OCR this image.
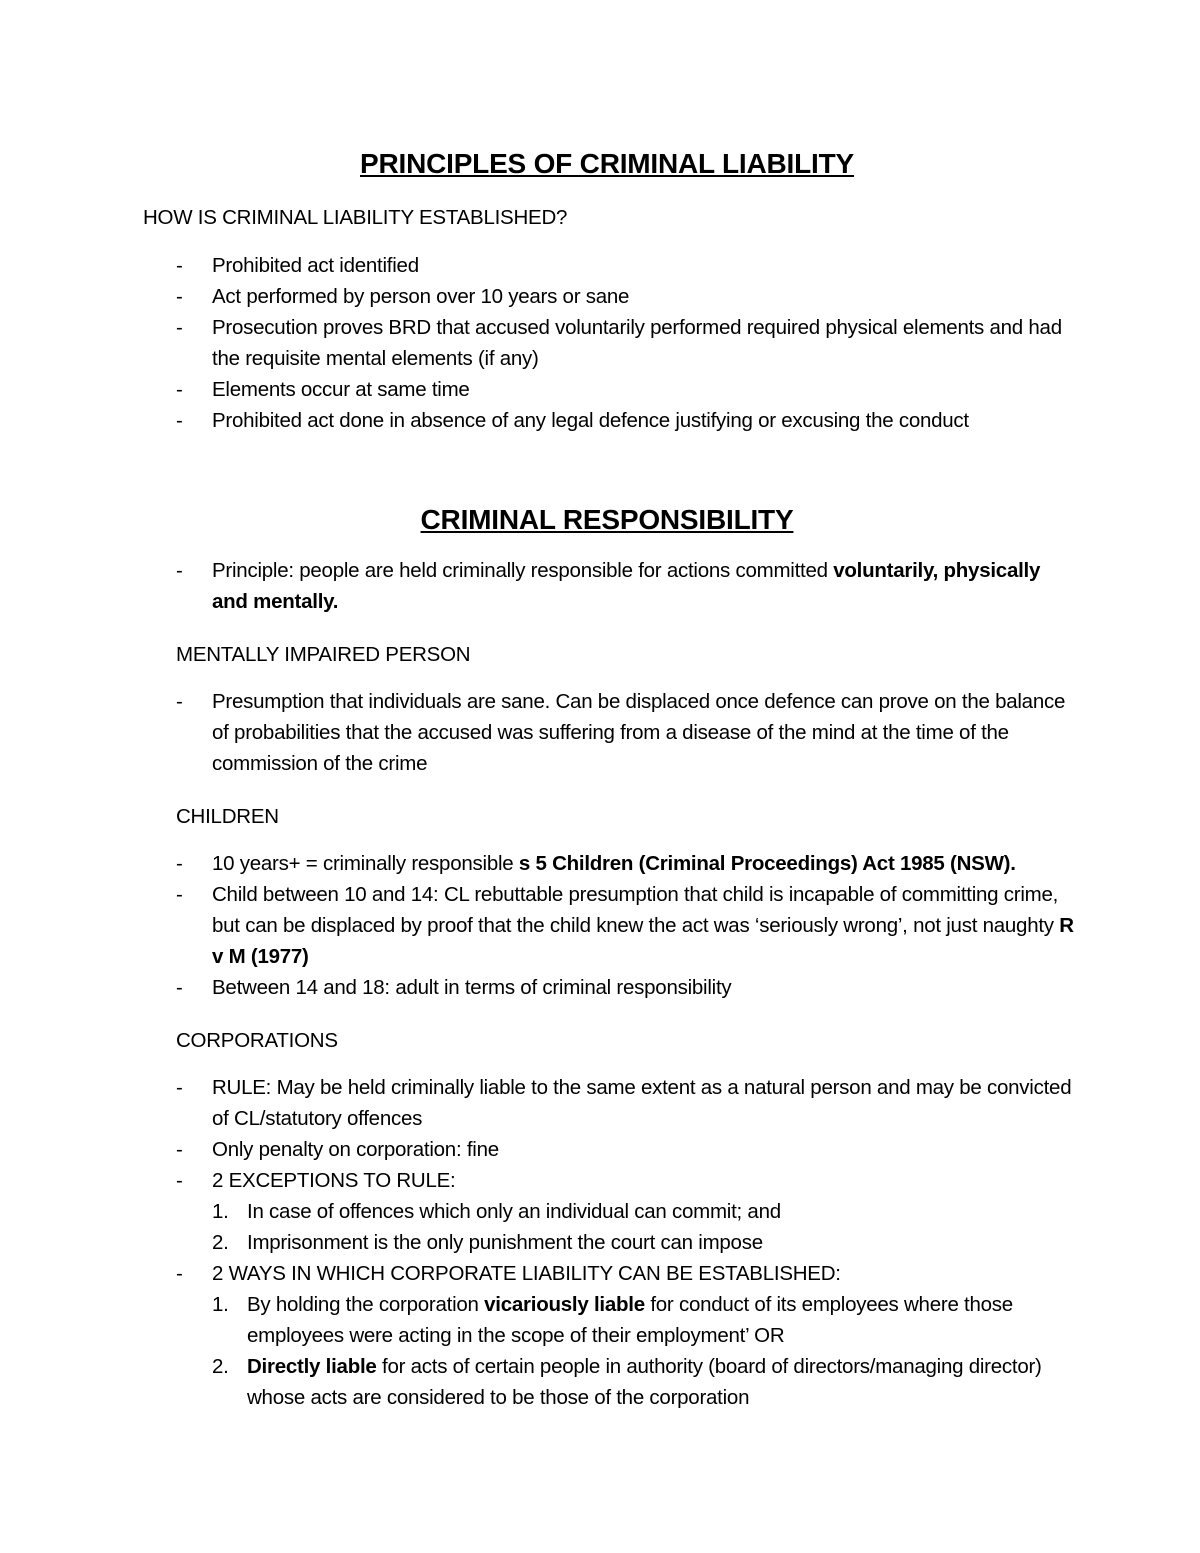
PRINCIPLES OF CRIMINAL LIABILITY

HOW IS CRIMINAL LIABILITY ESTABLISHED?

- Prohibited act identified
- Act performed by person over 10 years or sane
- Prosecution proves BRD that accused voluntarily performed required physical elements and had the requisite mental elements (if any)
- Elements occur at same time
- Prohibited act done in absence of any legal defence justifying or excusing the conduct
CRIMINAL RESPONSIBILITY
- Principle: people are held criminally responsible for actions committed voluntarily, physically and mentally.

MENTALLY IMPAIRED PERSON

- Presumption that individuals are sane. Can be displaced once defence can prove on the balance of probabilities that the accused was suffering from a disease of the mind at the time of the commission of the crime

CHILDREN

- 10 years+ = criminally responsible s 5 Children (Criminal Proceedings) Act 1985 (NSW).
- Child between 10 and 14: CL rebuttable presumption that child is incapable of committing crime, but can be displaced by proof that the child knew the act was ‘seriously wrong’, not just naughty R v M (1977)
- Between 14 and 18: adult in terms of criminal responsibility

CORPORATIONS

- RULE: May be held criminally liable to the same extent as a natural person and may be convicted of CL/statutory offences
- Only penalty on corporation: fine
- 2 EXCEPTIONS TO RULE:
1. In case of offences which only an individual can commit; and
2. Imprisonment is the only punishment the court can impose
- 2 WAYS IN WHICH CORPORATE LIABILITY CAN BE ESTABLISHED:
1. By holding the corporation vicariously liable for conduct of its employees where those employees were acting in the scope of their employment’ OR
2. Directly liable for acts of certain people in authority (board of directors/managing director) whose acts are considered to be those of the corporation
